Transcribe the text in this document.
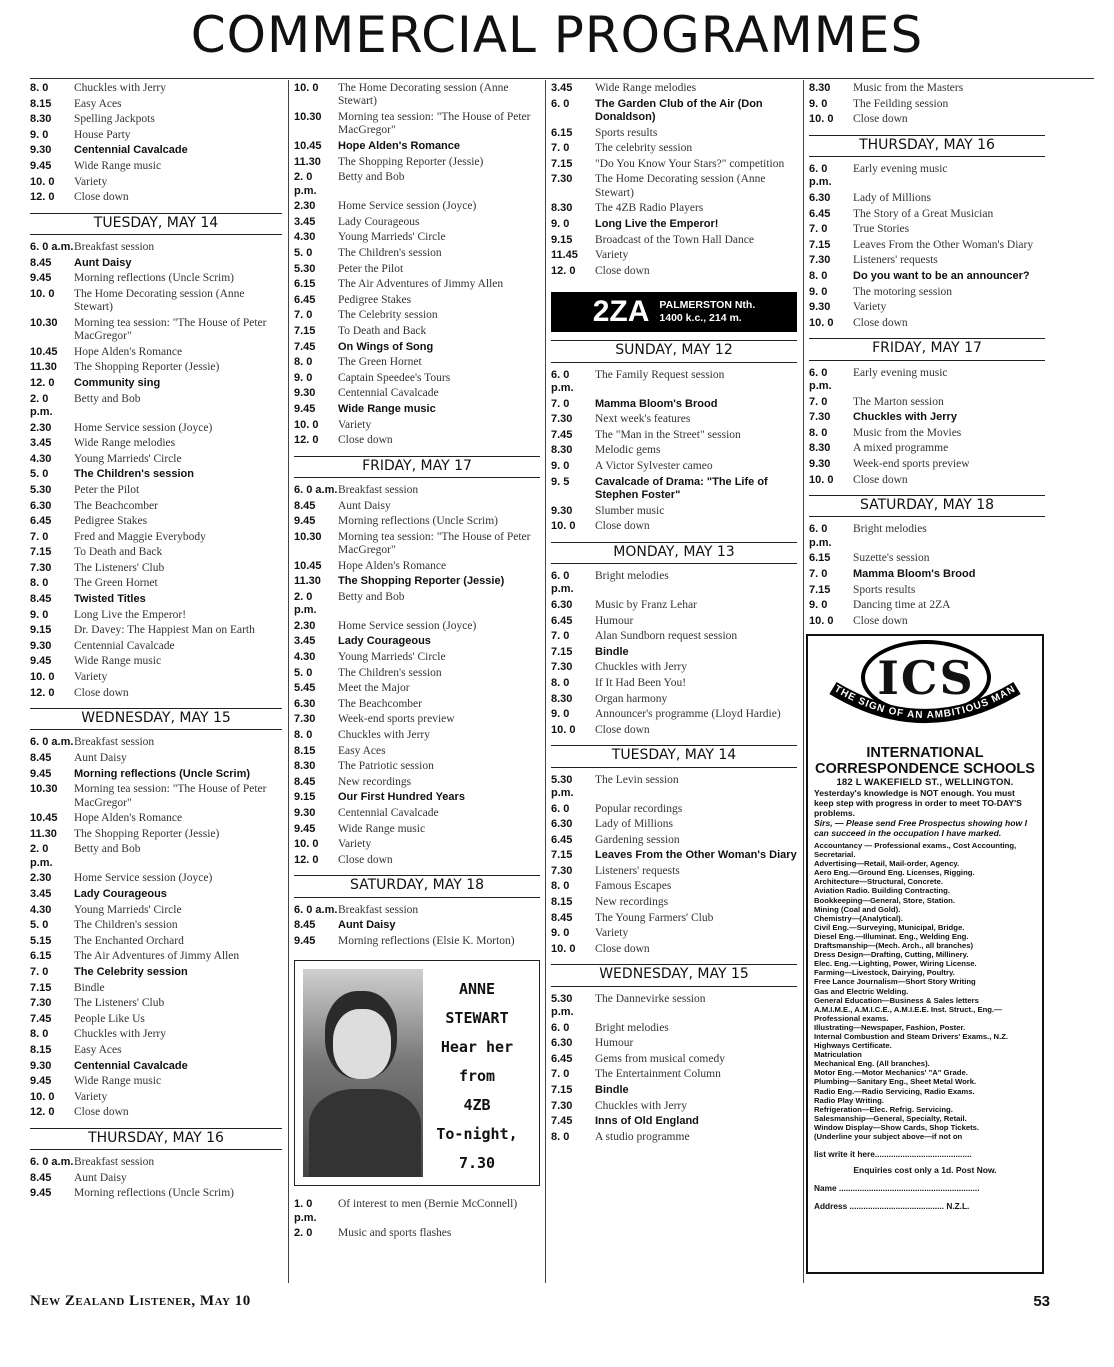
COMMERCIAL PROGRAMMES
8. 0	Chuckles with Jerry
8.15	Easy Aces
8.30	Spelling Jackpots
9. 0	House Party
9.30	Centennial Cavalcade
9.45	Wide Range music
10. 0	Variety
12. 0	Close down
TUESDAY, MAY 14
6. 0 a.m. Breakfast session
8.45	Aunt Daisy
9.45	Morning reflections (Uncle Scrim)
10. 0	The Home Decorating session (Anne Stewart)
10.30	Morning tea session: "The House of Peter MacGregor"
10.45	Hope Alden's Romance
11.30	The Shopping Reporter (Jessie)
12. 0	Community sing
2. 0 p.m.
Betty and Bob
2.30	Home Service session (Joyce)
3.45	Wide Range melodies
4.30	Young Marrieds' Circle
5. 0	The Children's session
5.30	Peter the Pilot
6.30	The Beachcomber
6.45	Pedigree Stakes
7. 0	Fred and Maggie Everybody
7.15	To Death and Back
7.30	The Listeners' Club
8. 0	The Green Hornet
8.45	Twisted Titles
9. 0	Long Live the Emperor!
9.15	Dr. Davey: The Happiest Man on Earth
9.30	Centennial Cavalcade
9.45	Wide Range music
10. 0	Variety
12. 0	Close down
WEDNESDAY, MAY 15
6. 0 a.m. Breakfast session
8.45	Aunt Daisy
9.45	Morning reflections (Uncle Scrim)
10.30	Morning tea session: "The House of Peter MacGregor"
10.45	Hope Alden's Romance
11.30	The Shopping Reporter (Jessie)
2. 0 p.m.
Betty and Bob
2.30	Home Service session (Joyce)
3.45	Lady Courageous
4.30	Young Marrieds' Circle
5. 0	The Children's session
5.15	The Enchanted Orchard
6.15	The Air Adventures of Jimmy Allen
7. 0	The Celebrity session
7.15	Bindle
7.30	The Listeners' Club
7.45	People Like Us
8. 0	Chuckles with Jerry
8.15	Easy Aces
9.30	Centennial Cavalcade
9.45	Wide Range music
10. 0	Variety
12. 0	Close down
THURSDAY, MAY 16
6. 0 a.m. Breakfast session
8.45	Aunt Daisy
9.45	Morning reflections (Uncle Scrim)
10. 0	The Home Decorating session (Anne Stewart)
10.30	Morning tea session: "The House of Peter MacGregor"
10.45	Hope Alden's Romance
11.30	The Shopping Reporter (Jessie)
2. 0 p.m.
Betty and Bob
2.30	Home Service session (Joyce)
3.45	Lady Courageous
4.30	Young Marrieds' Circle
5. 0	The Children's session
5.30	Peter the Pilot
6.15	The Air Adventures of Jimmy Allen
6.45	Pedigree Stakes
7. 0	The Celebrity session
7.15	To Death and Back
7.45	On Wings of Song
8. 0	The Green Hornet
9. 0	Captain Speedee's Tours
9.30	Centennial Cavalcade
9.45	Wide Range music
10. 0	Variety
12. 0	Close down
FRIDAY, MAY 17
6. 0 a.m. Breakfast session
8.45	Aunt Daisy
9.45	Morning reflections (Uncle Scrim)
10.30	Morning tea session: "The House of Peter MacGregor"
10.45	Hope Alden's Romance
11.30	The Shopping Reporter (Jessie)
2. 0 p.m.
Betty and Bob
2.30	Home Service session (Joyce)
3.45	Lady Courageous
4.30	Young Marrieds' Circle
5. 0	The Children's session
5.45	Meet the Major
6.30	The Beachcomber
7.30	Week-end sports preview
8. 0	Chuckles with Jerry
8.15	Easy Aces
8.30	The Patriotic session
8.45	New recordings
9.15	Our First Hundred Years
9.30	Centennial Cavalcade
9.45	Wide Range music
10. 0	Variety
12. 0	Close down
SATURDAY, MAY 18
6. 0 a.m. Breakfast session
8.45	Aunt Daisy
9.45	Morning reflections (Elsie K. Morton)
ANNE STEWART
Hear her
from
4ZB
To-night, 7.30
1. 0 p.m.
Of interest to men (Bernie McConnell)
2. 0	Music and sports flashes
3.45	Wide Range melodies
6. 0	The Garden Club of the Air (Don Donaldson)
6.15	Sports results
7. 0	The celebrity session
7.15	"Do You Know Your Stars?" competition
7.30	The Home Decorating session (Anne Stewart)
8.30	The 4ZB Radio Players
9. 0	Long Live the Emperor!
9.15	Broadcast of the Town Hall Dance
11.45	Variety
12. 0	Close down
2ZA PALMERSTON Nth.
1400 k.c., 214 m.
SUNDAY, MAY 12
6. 0 p.m.
The Family Request session
7. 0	Mamma Bloom's Brood
7.30	Next week's features
7.45	The "Man in the Street" session
8.30	Melodic gems
9. 0	A Victor Sylvester cameo
9. 5	Cavalcade of Drama: "The Life of Stephen Foster"
9.30	Slumber music
10. 0	Close down
MONDAY, MAY 13
6. 0 p.m.
Bright melodies
6.30	Music by Franz Lehar
6.45	Humour
7. 0	Alan Sundborn request session
7.15	Bindle
7.30	Chuckles with Jerry
8. 0	If It Had Been You!
8.30	Organ harmony
9. 0	Announcer's programme (Lloyd Hardie)
10. 0	Close down
TUESDAY, MAY 14
5.30 p.m.
The Levin session
6. 0	Popular recordings
6.30	Lady of Millions
6.45	Gardening session
7.15	Leaves From the Other Woman's Diary
7.30	Listeners' requests
8. 0	Famous Escapes
8.15	New recordings
8.45	The Young Farmers' Club
9. 0	Variety
10. 0	Close down
WEDNESDAY, MAY 15
5.30 p.m.
The Dannevirke session
6. 0	Bright melodies
6.30	Humour
6.45	Gems from musical comedy
7. 0	The Entertainment Column
7.15	Bindle
7.30	Chuckles with Jerry
7.45	Inns of Old England
8. 0	A studio programme
8.30	Music from the Masters
9. 0	The Feilding session
10. 0	Close down
THURSDAY, MAY 16
6. 0 p.m.
Early evening music
6.30	Lady of Millions
6.45	The Story of a Great Musician
7. 0	True Stories
7.15	Leaves From the Other Woman's Diary
7.30	Listeners' requests
8. 0	Do you want to be an announcer?
9. 0	The motoring session
9.30	Variety
10. 0	Close down
FRIDAY, MAY 17
6. 0 p.m.
Early evening music
7. 0	The Marton session
7.30	Chuckles with Jerry
8. 0	Music from the Movies
8.30	A mixed programme
9.30	Week-end sports preview
10. 0	Close down
SATURDAY, MAY 18
6. 0 p.m.
Bright melodies
6.15	Suzette's session
7. 0	Mamma Bloom's Brood
7.15	Sports results
9. 0	Dancing time at 2ZA
10. 0	Close down
ICS
THE SIGN OF AN AMBITIOUS MAN
INTERNATIONAL
CORRESPONDENCE SCHOOLS
182 L WAKEFIELD ST., WELLINGTON.
Yesterday's knowledge is NOT enough. You must keep step with progress in order to meet TO-DAY'S problems.
Sirs, — Please send Free Prospectus showing how I can succeed in the occupation I have marked.
Accountancy — Professional exams., Cost Accounting, Secretarial.
Advertising—Retail, Mail-order, Agency.
Aero Eng.—Ground Eng. Licenses, Rigging.
Architecture—Structural, Concrete.
Aviation Radio. Building Contracting.
Bookkeeping—General, Store, Station.
Mining (Coal and Gold).
Chemistry—(Analytical).
Civil Eng.—Surveying, Municipal, Bridge.
Diesel Eng.—Illuminat. Eng., Welding Eng.
Draftsmanship—(Mech. Arch., all branches)
Dress Design—Drafting, Cutting, Millinery.
Elec. Eng.—Lighting, Power, Wiring License.
Farming—Livestock, Dairying, Poultry.
Free Lance Journalism—Short Story Writing
Gas and Electric Welding.
General Education—Business & Sales letters
A.M.I.M.E., A.M.I.C.E., A.M.I.E.E. Inst. Struct., Eng.—Professional exams.
Illustrating—Newspaper, Fashion, Poster.
Internal Combustion and Steam Drivers' Exams., N.Z. Highways Certificate.
Matriculation
Mechanical Eng. (All branches).
Motor Eng.—Motor Mechanics' "A" Grade.
Plumbing—Sanitary Eng., Sheet Metal Work.
Radio Eng.—Radio Servicing, Radio Exams.
Radio Play Writing.
Refrigeration—Elec. Refrig. Servicing.
Salesmanship—General, Specialty, Retail.
Window Display—Show Cards, Shop Tickets.
(Underline your subject above—if not on
list write it here..........................................
Enquiries cost only a 1d. Post Now.
Name .............................................................
Address ......................................... N.Z.L.
New Zealand Listener, May 10	53
